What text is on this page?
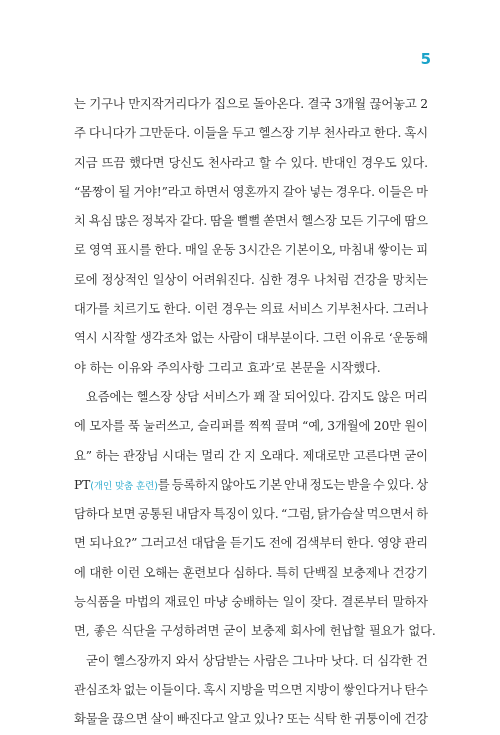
5
는 기구나 만지작거리다가 집으로 돌아온다. 결국 3개월 끊어놓고 2
주 다니다가 그만둔다. 이들을 두고 헬스장 기부 천사라고 한다. 혹시
지금 뜨끔 했다면 당신도 천사라고 할 수 있다. 반대인 경우도 있다.
“몸짱이 될 거야!”라고 하면서 영혼까지 갈아 넣는 경우다. 이들은 마
치 욕심 많은 정복자 같다. 땀을 뻘뻘 쏟면서 헬스장 모든 기구에 땀으
로 영역 표시를 한다. 매일 운동 3시간은 기본이오, 마침내 쌓이는 피
로에 정상적인 일상이 어려워진다. 심한 경우 나처럼 건강을 망치는
대가를 치르기도 한다. 이런 경우는 의료 서비스 기부천사다. 그러나
역시 시작할 생각조차 없는 사람이 대부분이다. 그런 이유로 ‘운동해
야 하는 이유와 주의사항 그리고 효과’로 본문을 시작했다.
요즘에는 헬스장 상담 서비스가 꽤 잘 되어있다. 감지도 않은 머리
에 모자를 푹 눌러쓰고, 슬리퍼를 찍찍 끌며 “예, 3개월에 20만 원이
요” 하는 관장님 시대는 멀리 간 지 오래다. 제대로만 고른다면 굳이
PT(개인 맞춤 훈련)를 등록하지 않아도 기본 안내 정도는 받을 수 있다. 상
담하다 보면 공통된 내담자 특징이 있다. “그럼, 닭가슴살 먹으면서 하
면 되나요?” 그러고선 대답을 듣기도 전에 검색부터 한다. 영양 관리
에 대한 이런 오해는 훈련보다 심하다. 특히 단백질 보충제나 건강기
능식품을 마법의 재료인 마냥 숭배하는 일이 잦다. 결론부터 말하자
면, 좋은 식단을 구성하려면 굳이 보충제 회사에 헌납할 필요가 없다.
굳이 헬스장까지 와서 상담받는 사람은 그나마 낫다. 더 심각한 건
관심조차 없는 이들이다. 혹시 지방을 먹으면 지방이 쌓인다거나 탄수
화물을 끊으면 살이 빠진다고 알고 있나? 또는 식탁 한 귀퉁이에 건강
